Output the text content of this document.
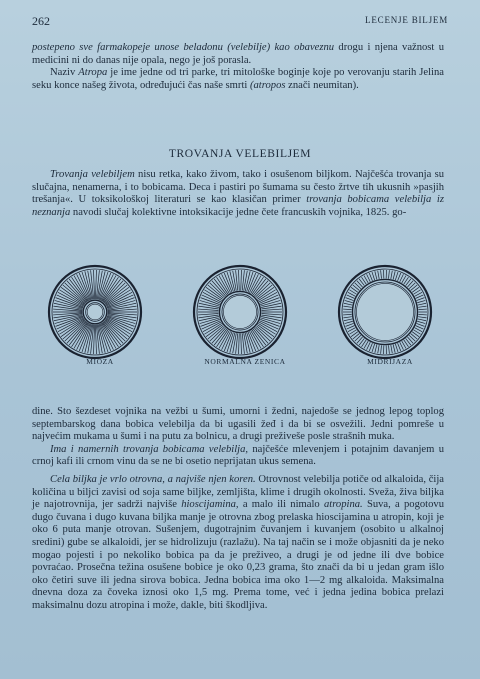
262	LECENJE BILJEM

postepeno sve farmakopeje unose beladonu (velebilje) kao obaveznu drogu i njena važnost u medicini ni do danas nije opala, nego je još porasla.

Naziv Atropa je ime jedne od tri parke, tri mitološke boginje koje po verovanju starih Jelina seku konce našeg života, određujući čas naše smrti (atropos znači neumitan).

TROVANJA VELEBILJEM

Trovanja velebiljem nisu retka, kako živom, tako i osušenom biljkom. Najčešća trovanja su slučajna, nenamerna, i to bobicama. Deca i pastiri po šumama su često žrtve tih ukusnih »pasjih trešanja«. U toksikološkoj literaturi se kao klasičan primer trovanja bobicama velebilja iz neznanja navodi slučaj kolektivne intoksikacije jedne čete francuskih vojnika, 1825. go-

MIOZA	NORMALNA ZENICA	MIDRIJAZA

dine. Sto šezdeset vojnika na vežbi u šumi, umorni i žedni, najedoše se jednog lepog toplog septembarskog dana bobica velebilja da bi ugasili žeđ i da bi se osvežili. Jedni pomreše u najvećim mukama u šumi i na putu za bolnicu, a drugi preživeše posle strašnih muka.

Ima i namernih trovanja bobicama velebilja, najčešće mlevenjem i potajnim davanjem u crnoj kafi ili crnom vinu da se ne bi osetio neprijatan ukus semena.

Cela biljka je vrlo otrovna, a najviše njen koren. Otrovnost velebilja potiče od alkaloida, čija količina u biljci zavisi od soja same biljke, zemljišta, klime i drugih okolnosti. Sveža, živa biljka je najotrovnija, jer sadrži najviše hioscijamina, a malo ili nimalo atropina. Suva, a pogotovu dugo čuvana i dugo kuvana biljka manje je otrovna zbog prelaska hioscijamina u atropin, koji je oko 6 puta manje otrovan. Sušenjem, dugotrajnim čuvanjem i kuvanjem (osobito u alkalnoj sredini) gube se alkaloidi, jer se hidrolizuju (razlažu). Na taj način se i može objasniti da je neko mogao pojesti i po nekoliko bobica pa da je preživeo, a drugi je od jedne ili dve bobice povraćao. Prosečna težina osušene bobice je oko 0,23 grama, što znači da bi u jedan gram išlo oko četiri suve ili jedna sirova bobica. Jedna bobica ima oko 1—2 mg alkaloida. Maksimalna dnevna doza za čoveka iznosi oko 1,5 mg. Prema tome, već i jedna jedina bobica prelazi maksimalnu dozu atropina i može, dakle, biti škodljiva.
